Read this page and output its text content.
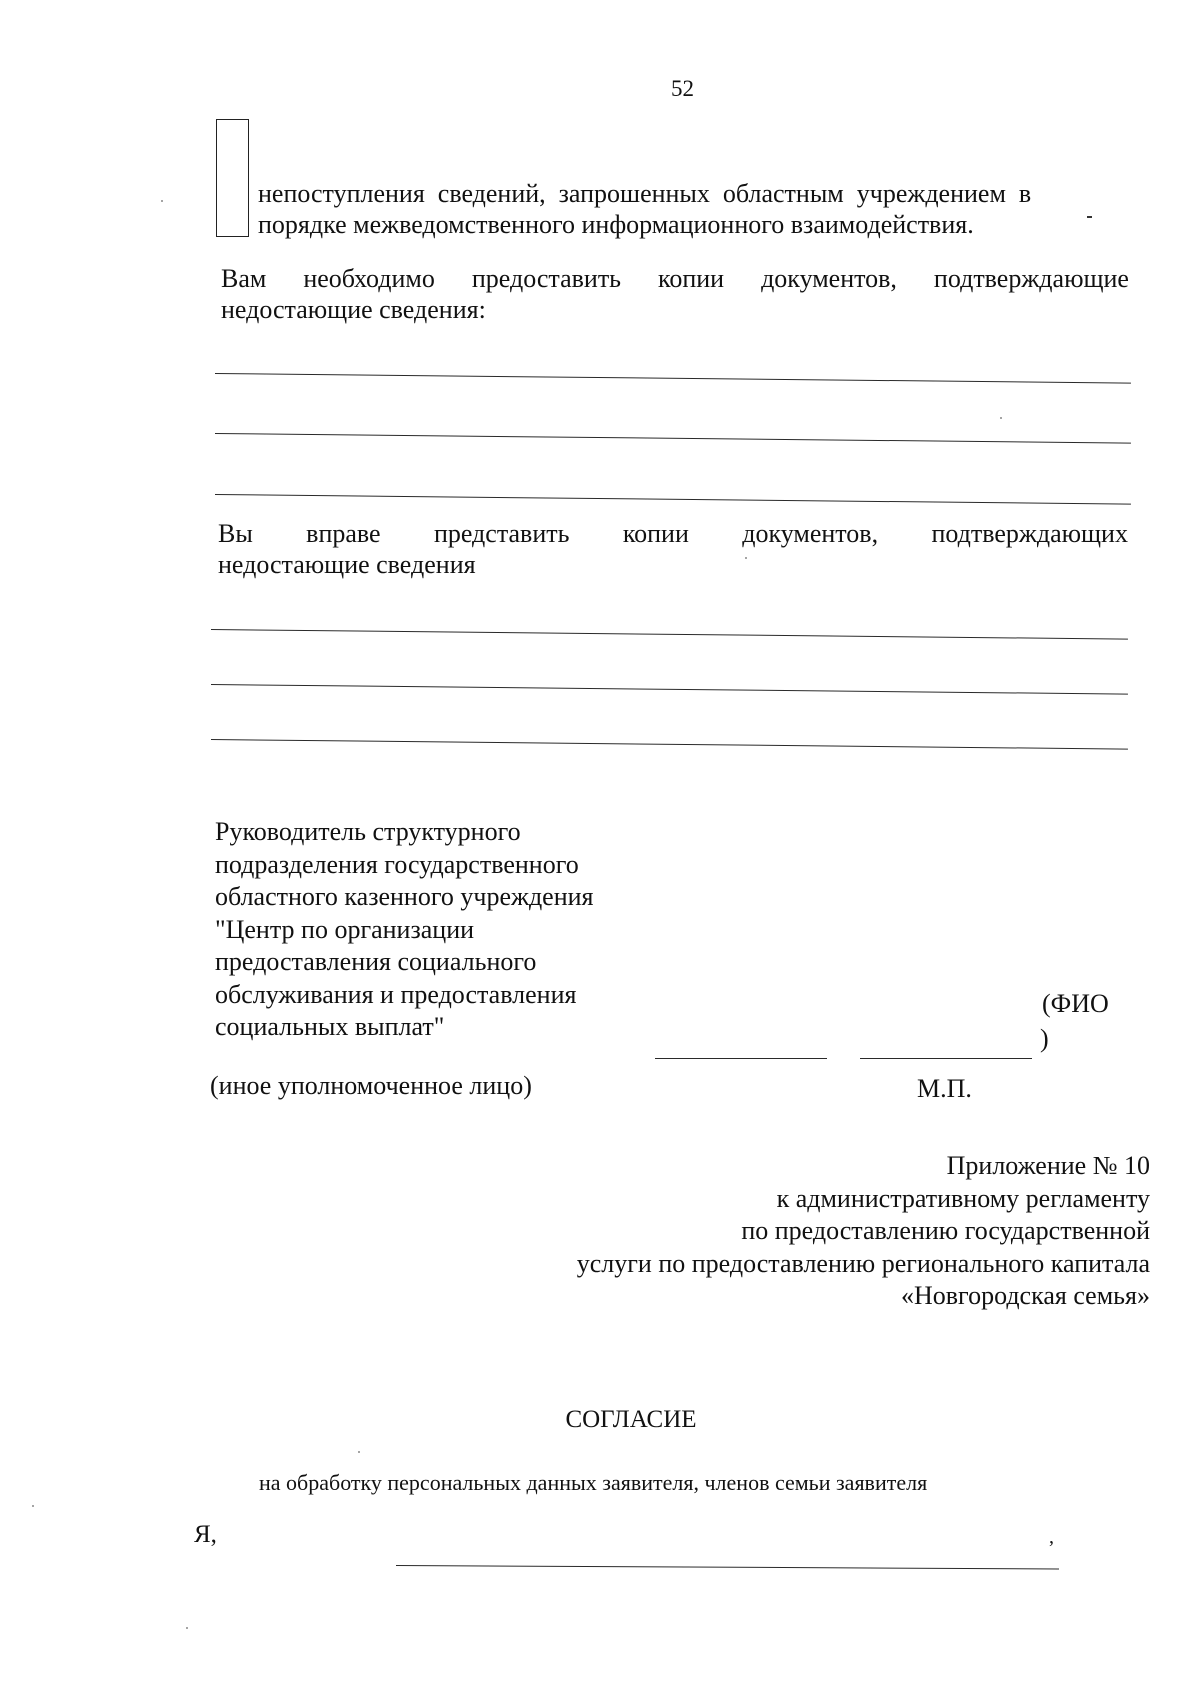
52
непоступления  сведений,  запрошенных  областным  учреждением  в
порядке межведомственного информационного взаимодействия.
Вам необходимо предоставить копии документов, подтверждающие
недостающие сведения:
Вы вправе представить копии документов, подтверждающих
недостающие сведения
Руководитель структурного
подразделения государственного
областного казенного учреждения
"Центр по организации
предоставления социального
обслуживания и предоставления
социальных выплат"
(ФИО
)
(иное уполномоченное лицо)	М.П.
Приложение № 10
к административному регламенту
по предоставлению государственной
услуги по предоставлению регионального капитала
«Новгородская семья»
СОГЛАСИЕ
на обработку персональных данных заявителя, членов семьи заявителя
Я,	,
